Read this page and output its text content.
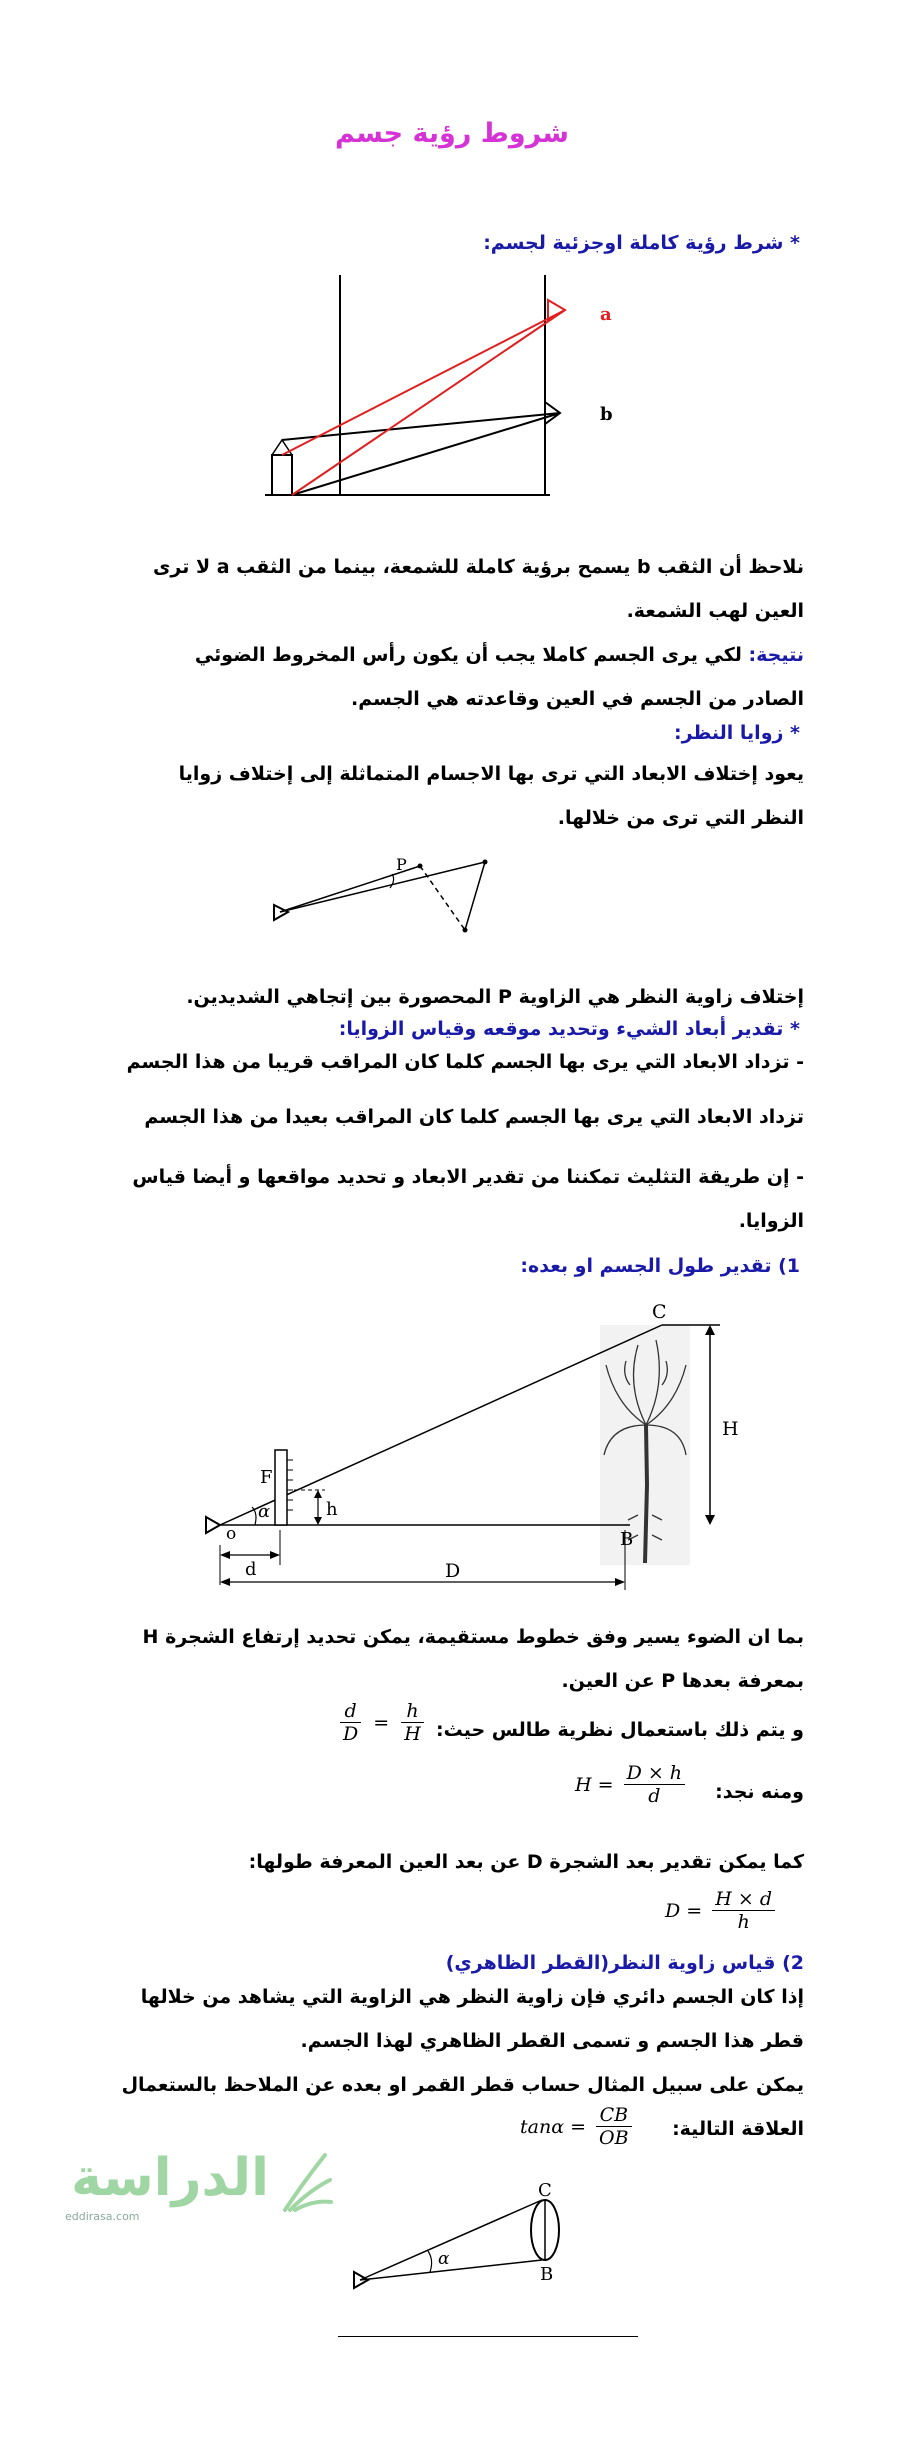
شروط رؤية جسم
* شرط رؤية كاملة اوجزئية لجسم:
a
b
نلاحظ أن الثقب b يسمح برؤية كاملة للشمعة، بينما من الثقب a لا ترى
العين لهب الشمعة.
نتيجة: لكي يرى الجسم كاملا يجب أن يكون رأس المخروط الضوئي
الصادر من الجسم في العين وقاعدته هي الجسم.
* زوايا النظر:
يعود إختلاف الابعاد التي ترى بها الاجسام المتماثلة إلى إختلاف زوايا
النظر التي ترى من خلالها.
P
إختلاف زاوية النظر هي الزاوية P المحصورة بين إتجاهي الشديدين.
* تقدير أبعاد الشيء وتحديد موقعه وقياس الزوايا:
- تزداد الابعاد التي يرى بها الجسم كلما كان المراقب قريبا من هذا الجسم
تزداد الابعاد التي يرى بها الجسم كلما كان المراقب بعيدا من هذا الجسم
- إن طريقة التثليث تمكننا من تقدير الابعاد و تحديد مواقعها و أيضا قياس
الزوايا.
1) تقدير طول الجسم او بعده:
C
H
F
α	h
o	B
d	D
بما ان الضوء يسير وفق خطوط مستقيمة، يمكن تحديد إرتفاع الشجرة H
بمعرفة بعدها P عن العين.
و يتم ذلك باستعمال نظرية طالس حيث:
$\frac{d}{D} = \frac{h}{H}$
ومنه نجد:
$H = \frac{D \times h}{d}$
كما يمكن تقدير بعد الشجرة D عن بعد العين المعرفة طولها:
$D = \frac{H \times d}{h}$
2) قياس زاوية النظر(القطر الظاهري)
إذا كان الجسم دائري فإن زاوية النظر هي الزاوية التي يشاهد من خلالها
قطر هذا الجسم و تسمى القطر الظاهري لهذا الجسم.
يمكن على سبيل المثال حساب قطر القمر او بعده عن الملاحظ بالستعمال
العلاقة التالية:
$\tan\alpha = \frac{CB}{OB}$
الدراسة
eddirasa.com
α
C
B
